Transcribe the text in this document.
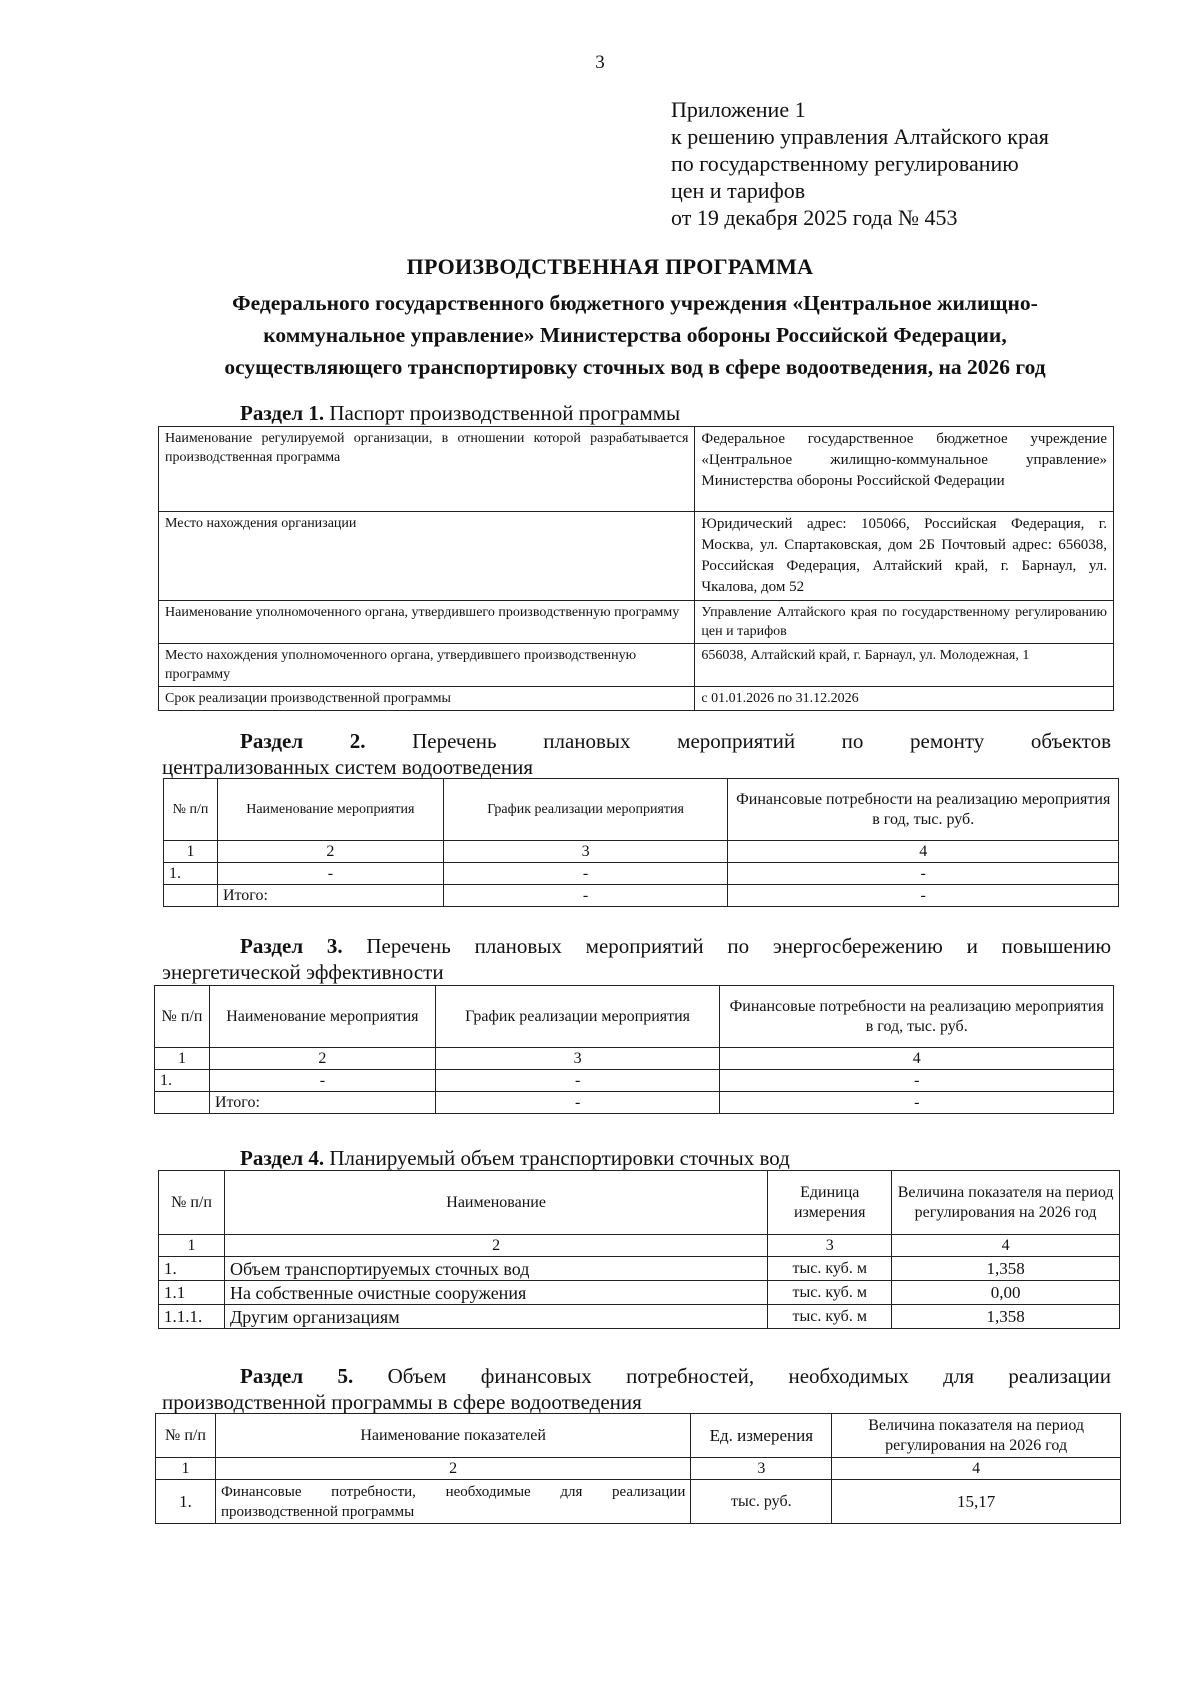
3
Приложение 1
к решению управления Алтайского края
по государственному регулированию
цен и тарифов
от 19 декабря 2025 года № 453
ПРОИЗВОДСТВЕННАЯ ПРОГРАММА
Федерального государственного бюджетного учреждения «Центральное жилищно-
коммунальное управление» Министерства обороны Российской Федерации,
осуществляющего транспортировку сточных вод в сфере водоотведения, на 2026 год
Раздел 1. Паспорт производственной программы
Наименование регулируемой организации, в отношении которой разрабатывается производственная программа	Федеральное государственное бюджетное учреждение «Центральное жилищно-коммунальное управление» Министерства обороны Российской Федерации
Место нахождения организации	Юридический адрес: 105066, Российская Федерация, г. Москва, ул. Спартаковская, дом 2Б Почтовый адрес: 656038, Российская Федерация, Алтайский край, г. Барнаул, ул. Чкалова, дом 52
Наименование уполномоченного органа, утвердившего производственную программу	Управление Алтайского края по государственному регулированию цен и тарифов
Место нахождения уполномоченного органа, утвердившего производственную программу	656038, Алтайский край, г. Барнаул, ул. Молодежная, 1
Срок реализации производственной программы	с 01.01.2026 по 31.12.2026
Раздел 2. Перечень плановых мероприятий по ремонту объектов
централизованных систем водоотведения
№ п/п	Наименование мероприятия	График реализации мероприятия	Финансовые потребности на реализацию мероприятия в год, тыс. руб.
1	2	3	4
1.	-	-	-
	Итого:	-	-
Раздел 3. Перечень плановых мероприятий по энергосбережению и повышению
энергетической эффективности
№ п/п	Наименование мероприятия	График реализации мероприятия	Финансовые потребности на реализацию мероприятия в год, тыс. руб.
1	2	3	4
1.	-	-	-
	Итого:	-	-
Раздел 4. Планируемый объем транспортировки сточных вод
№ п/п	Наименование	Единица измерения	Величина показателя на период регулирования на 2026 год
1	2	3	4
1.	Объем транспортируемых сточных вод	тыс. куб. м	1,358
1.1	На собственные очистные сооружения	тыс. куб. м	0,00
1.1.1.	Другим организациям	тыс. куб. м	1,358
Раздел 5. Объем финансовых потребностей, необходимых для реализации
производственной программы в сфере водоотведения
№ п/п	Наименование показателей	Ед. измерения	Величина показателя на период регулирования на 2026 год
1	2	3	4
1.	Финансовые потребности, необходимые для реализации производственной программы	тыс. руб.	15,17
